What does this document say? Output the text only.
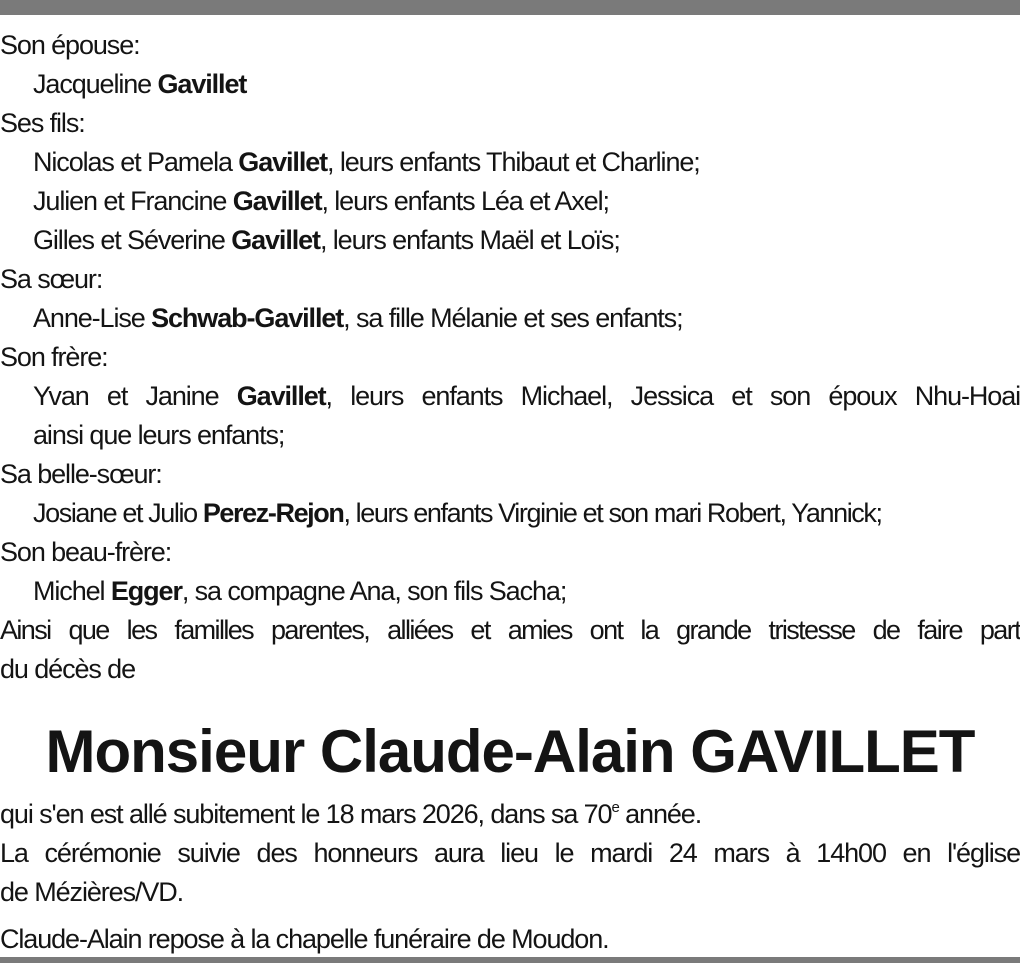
Son épouse:
Jacqueline Gavillet
Ses fils:
Nicolas et Pamela Gavillet, leurs enfants Thibaut et Charline;
Julien et Francine Gavillet, leurs enfants Léa et Axel;
Gilles et Séverine Gavillet, leurs enfants Maël et Loïs;
Sa sœur:
Anne-Lise Schwab-Gavillet, sa fille Mélanie et ses enfants;
Son frère:
Yvan et Janine Gavillet, leurs enfants Michael, Jessica et son époux Nhu-Hoai
ainsi que leurs enfants;
Sa belle-sœur:
Josiane et Julio Perez-Rejon, leurs enfants Virginie et son mari Robert, Yannick;
Son beau-frère:
Michel Egger, sa compagne Ana, son fils Sacha;
Ainsi que les familles parentes, alliées et amies ont la grande tristesse de faire part
du décès de
Monsieur Claude-Alain GAVILLET
qui s'en est allé subitement le 18 mars 2026, dans sa 70e année.
La cérémonie suivie des honneurs aura lieu le mardi 24 mars à 14h00 en l'église
de Mézières/VD.
Claude-Alain repose à la chapelle funéraire de Moudon.
